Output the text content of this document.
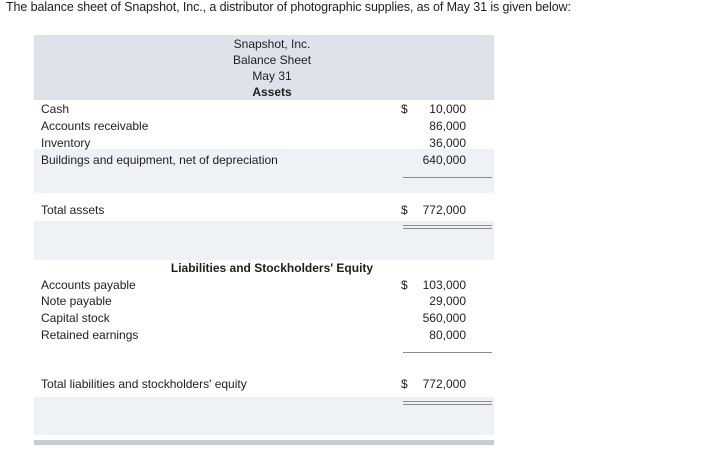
The balance sheet of Snapshot, Inc., a distributor of photographic supplies, as of May 31 is given below:
Snapshot, Inc.
Balance Sheet
May 31
Assets
Cash	$ 10,000
Accounts receivable	86,000
Inventory	36,000
Buildings and equipment, net of depreciation	640,000
Total assets	$ 772,000
Liabilities and Stockholders' Equity
Accounts payable	$ 103,000
Note payable	29,000
Capital stock	560,000
Retained earnings	80,000
Total liabilities and stockholders' equity	$ 772,000
